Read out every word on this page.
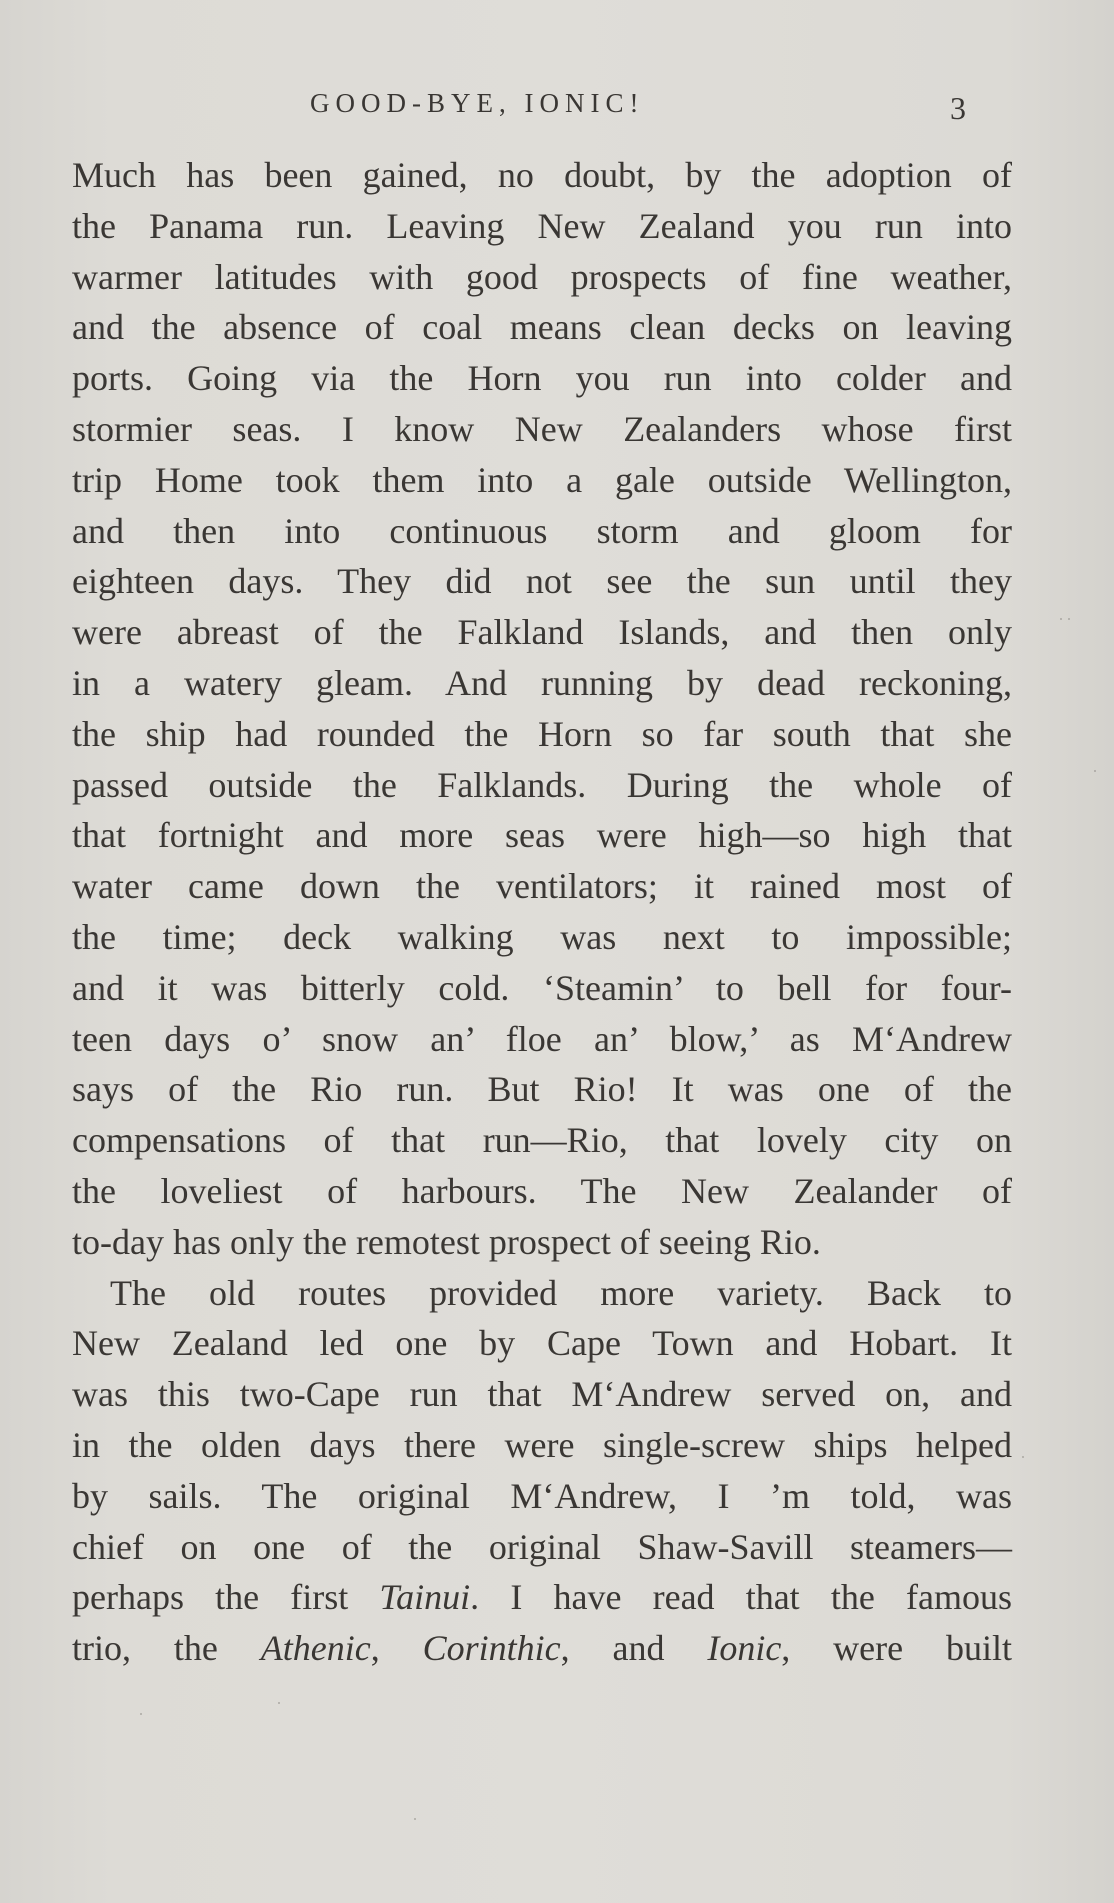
GOOD-BYE, IONIC!	3
Much has been gained, no doubt, by the adoption of
the Panama run. Leaving New Zealand you run into
warmer latitudes with good prospects of fine weather,
and the absence of coal means clean decks on leaving
ports. Going via the Horn you run into colder and
stormier seas. I know New Zealanders whose first
trip Home took them into a gale outside Wellington,
and then into continuous storm and gloom for
eighteen days. They did not see the sun until they
were abreast of the Falkland Islands, and then only
in a watery gleam. And running by dead reckoning,
the ship had rounded the Horn so far south that she
passed outside the Falklands. During the whole of
that fortnight and more seas were high—so high that
water came down the ventilators; it rained most of
the time; deck walking was next to impossible;
and it was bitterly cold. ‘Steamin’ to bell for four-
teen days o’ snow an’ floe an’ blow,’ as M‘Andrew
says of the Rio run. But Rio! It was one of the
compensations of that run—Rio, that lovely city on
the loveliest of harbours. The New Zealander of
to-day has only the remotest prospect of seeing Rio.
The old routes provided more variety. Back to
New Zealand led one by Cape Town and Hobart. It
was this two-Cape run that M‘Andrew served on, and
in the olden days there were single-screw ships helped
by sails. The original M‘Andrew, I ’m told, was
chief on one of the original Shaw-Savill steamers—
perhaps the first Tainui. I have read that the famous
trio, the Athenic, Corinthic, and Ionic, were built
